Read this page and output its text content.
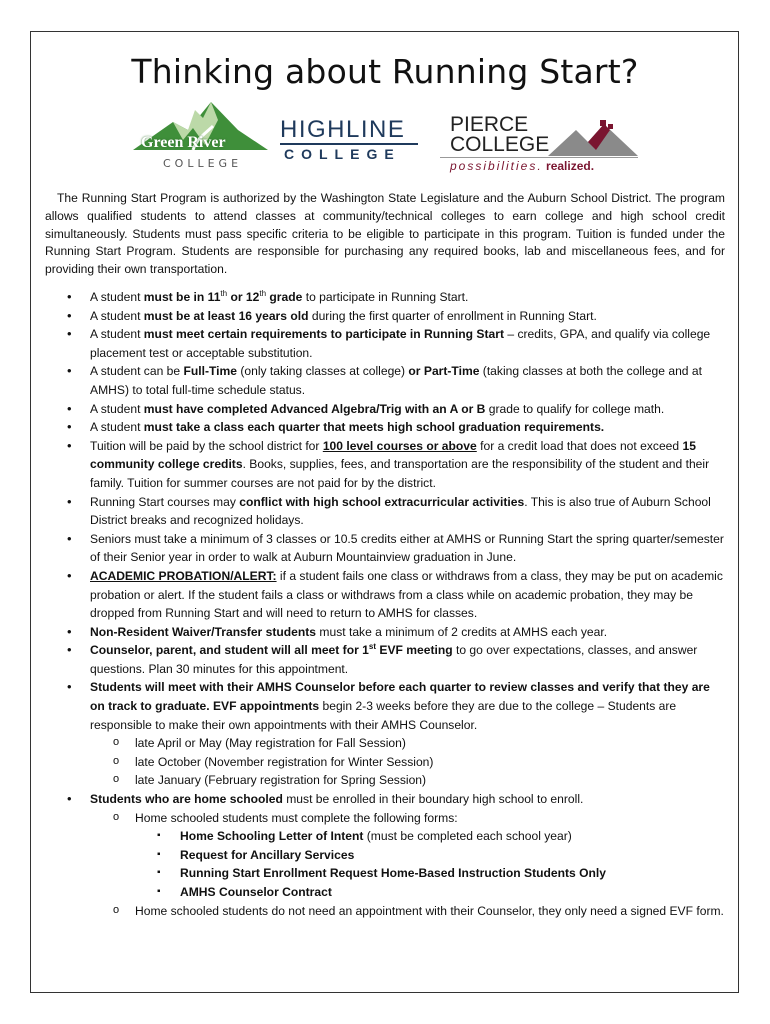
Thinking about Running Start?
Green River
COLLEGE
HIGHLINE
COLLEGE
PIERCE
COLLEGE
possibilities. realized.
The Running Start Program is authorized by the Washington State Legislature and the Auburn School District. The program allows qualified students to attend classes at community/technical colleges to earn college and high school credit simultaneously. Students must pass specific criteria to be eligible to participate in this program. Tuition is funded under the Running Start Program. Students are responsible for purchasing any required books, lab and miscellaneous fees, and for providing their own transportation.
• A student must be in 11th or 12th grade to participate in Running Start.
• A student must be at least 16 years old during the first quarter of enrollment in Running Start.
• A student must meet certain requirements to participate in Running Start – credits, GPA, and qualify via college placement test or acceptable substitution.
• A student can be Full-Time (only taking classes at college) or Part-Time (taking classes at both the college and at AMHS) to total full-time schedule status.
• A student must have completed Advanced Algebra/Trig with an A or B grade to qualify for college math.
• A student must take a class each quarter that meets high school graduation requirements.
• Tuition will be paid by the school district for 100 level courses or above for a credit load that does not exceed 15 community college credits. Books, supplies, fees, and transportation are the responsibility of the student and their family. Tuition for summer courses are not paid for by the district.
• Running Start courses may conflict with high school extracurricular activities. This is also true of Auburn School District breaks and recognized holidays.
• Seniors must take a minimum of 3 classes or 10.5 credits either at AMHS or Running Start the spring quarter/semester of their Senior year in order to walk at Auburn Mountainview graduation in June.
• ACADEMIC PROBATION/ALERT: if a student fails one class or withdraws from a class, they may be put on academic probation or alert. If the student fails a class or withdraws from a class while on academic probation, they may be dropped from Running Start and will need to return to AMHS for classes.
• Non-Resident Waiver/Transfer students must take a minimum of 2 credits at AMHS each year.
• Counselor, parent, and student will all meet for 1st EVF meeting to go over expectations, classes, and answer questions. Plan 30 minutes for this appointment.
• Students will meet with their AMHS Counselor before each quarter to review classes and verify that they are on track to graduate. EVF appointments begin 2-3 weeks before they are due to the college – Students are responsible to make their own appointments with their AMHS Counselor.
o late April or May (May registration for Fall Session)
o late October (November registration for Winter Session)
o late January (February registration for Spring Session)
• Students who are home schooled must be enrolled in their boundary high school to enroll.
o Home schooled students must complete the following forms:
▪ Home Schooling Letter of Intent (must be completed each school year)
▪ Request for Ancillary Services
▪ Running Start Enrollment Request Home-Based Instruction Students Only
▪ AMHS Counselor Contract
o Home schooled students do not need an appointment with their Counselor, they only need a signed EVF form.
